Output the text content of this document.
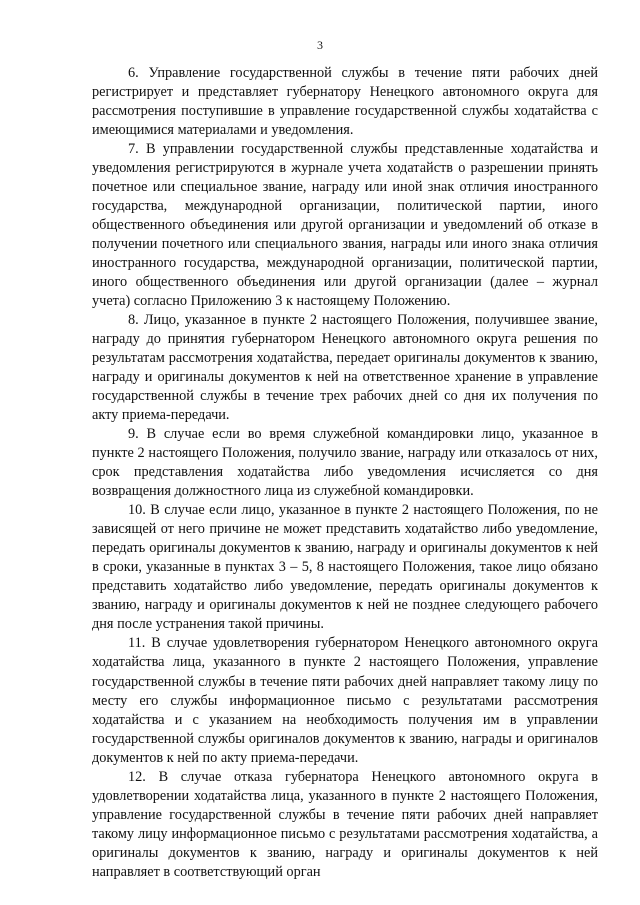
3

6. Управление государственной службы в течение пяти рабочих дней регистрирует и представляет губернатору Ненецкого автономного округа для рассмотрения поступившие в управление государственной службы ходатайства с имеющимися материалами и уведомления.

7. В управлении государственной службы представленные ходатайства и уведомления регистрируются в журнале учета ходатайств о разрешении принять почетное или специальное звание, награду или иной знак отличия иностранного государства, международной организации, политической партии, иного общественного объединения или другой организации и уведомлений об отказе в получении почетного или специального звания, награды или иного знака отличия иностранного государства, международной организации, политической партии, иного общественного объединения или другой организации (далее – журнал учета) согласно Приложению 3 к настоящему Положению.

8. Лицо, указанное в пункте 2 настоящего Положения, получившее звание, награду до принятия губернатором Ненецкого автономного округа решения по результатам рассмотрения ходатайства, передает оригиналы документов к званию, награду и оригиналы документов к ней на ответственное хранение в управление государственной службы в течение трех рабочих дней со дня их получения по акту приема-передачи.

9. В случае если во время служебной командировки лицо, указанное в пункте 2 настоящего Положения, получило звание, награду или отказалось от них, срок представления ходатайства либо уведомления исчисляется со дня возвращения должностного лица из служебной командировки.

10. В случае если лицо, указанное в пункте 2 настоящего Положения, по не зависящей от него причине не может представить ходатайство либо уведомление, передать оригиналы документов к званию, награду и оригиналы документов к ней в сроки, указанные в пунктах 3 – 5, 8 настоящего Положения, такое лицо обязано представить ходатайство либо уведомление, передать оригиналы документов к званию, награду и оригиналы документов к ней не позднее следующего рабочего дня после устранения такой причины.

11. В случае удовлетворения губернатором Ненецкого автономного округа ходатайства лица, указанного в пункте 2 настоящего Положения, управление государственной службы в течение пяти рабочих дней направляет такому лицу по месту его службы информационное письмо с результатами рассмотрения ходатайства и с указанием на необходимость получения им в управлении государственной службы оригиналов документов к званию, награды и оригиналов документов к ней по акту приема-передачи.

12. В случае отказа губернатора Ненецкого автономного округа в удовлетворении ходатайства лица, указанного в пункте 2 настоящего Положения, управление государственной службы в течение пяти рабочих дней направляет такому лицу информационное письмо с результатами рассмотрения ходатайства, а оригиналы документов к званию, награду и оригиналы документов к ней направляет в соответствующий орган
